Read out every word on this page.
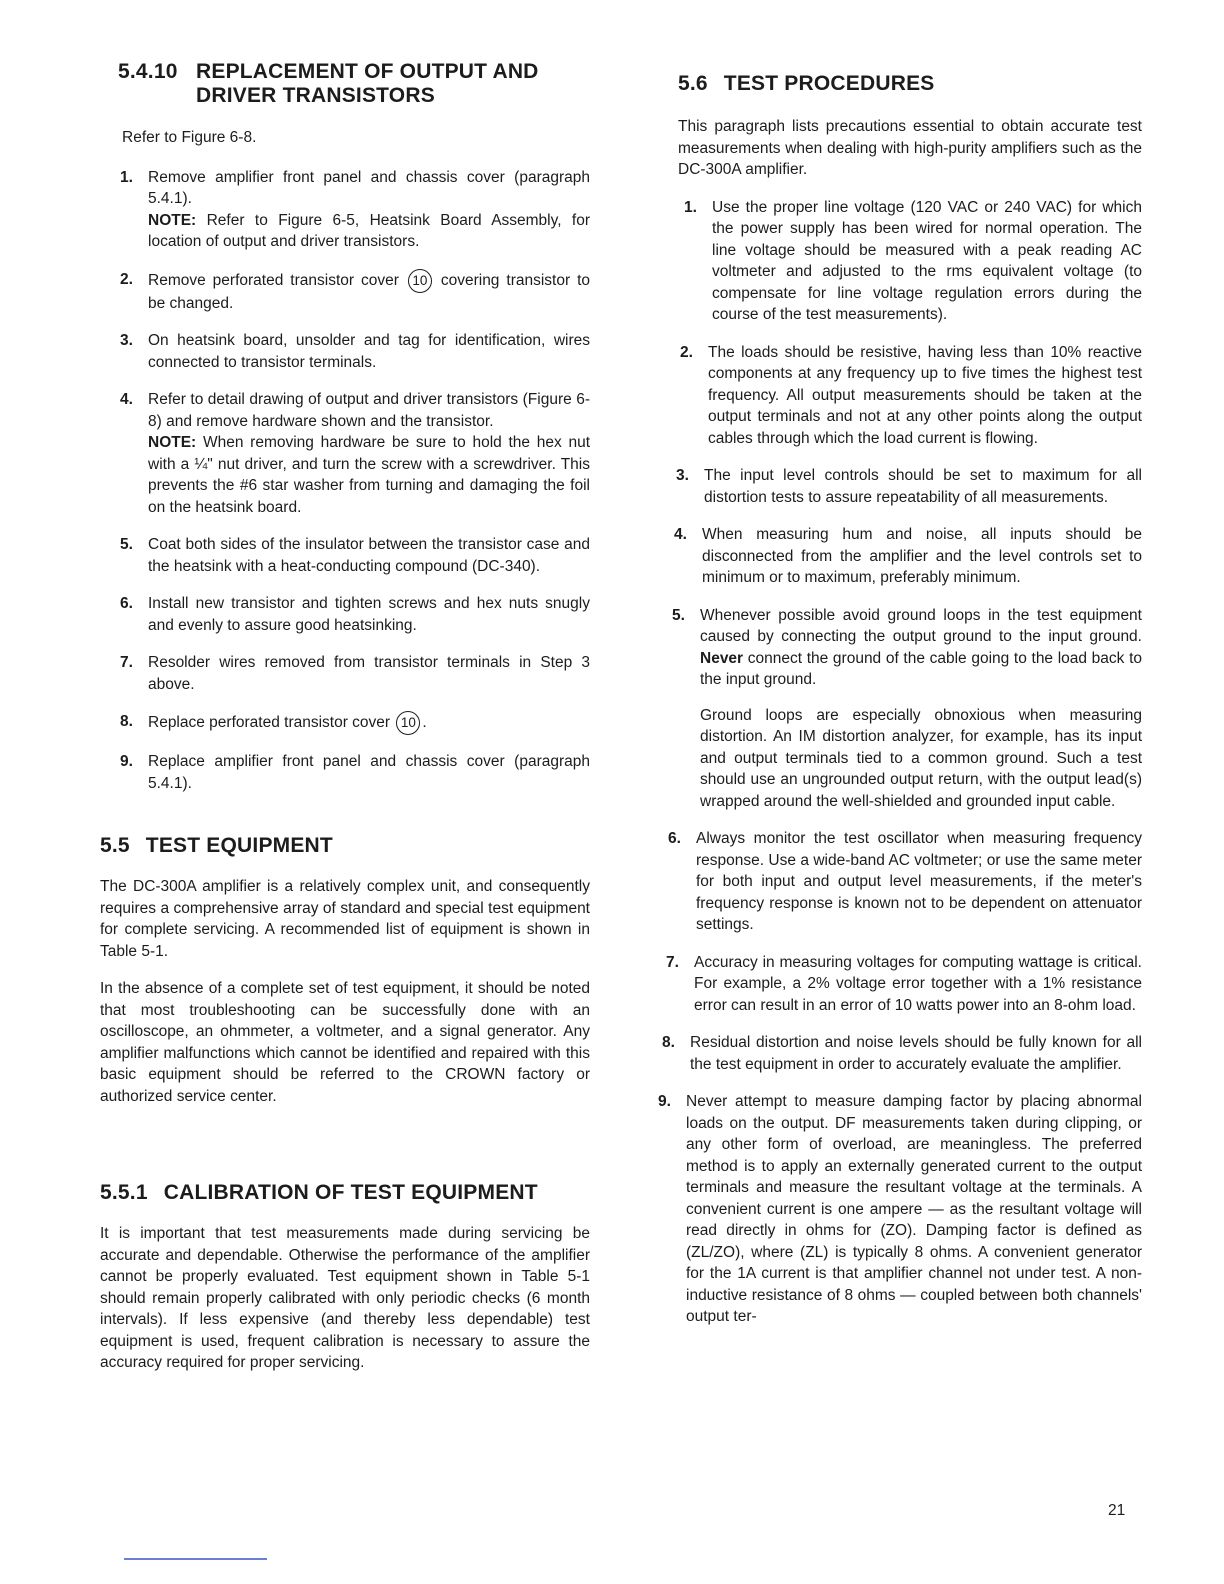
5.4.10 REPLACEMENT OF OUTPUT AND DRIVER TRANSISTORS

Refer to Figure 6-8.

1. Remove amplifier front panel and chassis cover (paragraph 5.4.1).
NOTE: Refer to Figure 6-5, Heatsink Board Assembly, for location of output and driver transistors.
2. Remove perforated transistor cover 10 covering transistor to be changed.
3. On heatsink board, unsolder and tag for identification, wires connected to transistor terminals.
4. Refer to detail drawing of output and driver transistors (Figure 6-8) and remove hardware shown and the transistor.
NOTE: When removing hardware be sure to hold the hex nut with a ¼" nut driver, and turn the screw with a screwdriver. This prevents the #6 star washer from turning and damaging the foil on the heatsink board.
5. Coat both sides of the insulator between the transistor case and the heatsink with a heat-conducting compound (DC-340).
6. Install new transistor and tighten screws and hex nuts snugly and evenly to assure good heatsinking.
7. Resolder wires removed from transistor terminals in Step 3 above.
8. Replace perforated transistor cover 10 .
9. Replace amplifier front panel and chassis cover (paragraph 5.4.1).
5.5 TEST EQUIPMENT

The DC-300A amplifier is a relatively complex unit, and consequently requires a comprehensive array of standard and special test equipment for complete servicing. A recommended list of equipment is shown in Table 5-1.

In the absence of a complete set of test equipment, it should be noted that most troubleshooting can be successfully done with an oscilloscope, an ohmmeter, a voltmeter, and a signal generator. Any amplifier malfunctions which cannot be identified and repaired with this basic equipment should be referred to the CROWN factory or authorized service center.

5.5.1 CALIBRATION OF TEST EQUIPMENT

It is important that test measurements made during servicing be accurate and dependable. Otherwise the performance of the amplifier cannot be properly evaluated. Test equipment shown in Table 5-1 should remain properly calibrated with only periodic checks (6 month intervals). If less expensive (and thereby less dependable) test equipment is used, frequent calibration is necessary to assure the accuracy required for proper servicing.

5.6 TEST PROCEDURES

This paragraph lists precautions essential to obtain accurate test measurements when dealing with high-purity amplifiers such as the DC-300A amplifier.

1. Use the proper line voltage (120 VAC or 240 VAC) for which the power supply has been wired for normal operation. The line voltage should be measured with a peak reading AC voltmeter and adjusted to the rms equivalent voltage (to compensate for line voltage regulation errors during the course of the test measurements).
2. The loads should be resistive, having less than 10% reactive components at any frequency up to five times the highest test frequency. All output measurements should be taken at the output terminals and not at any other points along the output cables through which the load current is flowing.
3. The input level controls should be set to maximum for all distortion tests to assure repeatability of all measurements.
4. When measuring hum and noise, all inputs should be disconnected from the amplifier and the level controls set to minimum or to maximum, preferably minimum.
5. Whenever possible avoid ground loops in the test equipment caused by connecting the output ground to the input ground. Never connect the ground of the cable going to the load back to the input ground.
Ground loops are especially obnoxious when measuring distortion. An IM distortion analyzer, for example, has its input and output terminals tied to a common ground. Such a test should use an ungrounded output return, with the output lead(s) wrapped around the well-shielded and grounded input cable.
6. Always monitor the test oscillator when measuring frequency response. Use a wide-band AC voltmeter; or use the same meter for both input and output level measurements, if the meter's frequency response is known not to be dependent on attenuator settings.
7. Accuracy in measuring voltages for computing wattage is critical. For example, a 2% voltage error together with a 1% resistance error can result in an error of 10 watts power into an 8-ohm load.
8. Residual distortion and noise levels should be fully known for all the test equipment in order to accurately evaluate the amplifier.
9. Never attempt to measure damping factor by placing abnormal loads on the output. DF measurements taken during clipping, or any other form of overload, are meaningless. The preferred method is to apply an externally generated current to the output terminals and measure the resultant voltage at the terminals. A convenient current is one ampere — as the resultant voltage will read directly in ohms for (ZO). Damping factor is defined as (ZL/ZO), where (ZL) is typically 8 ohms. A convenient generator for the 1A current is that amplifier channel not under test. A non-inductive resistance of 8 ohms — coupled between both channels' output ter-
21
